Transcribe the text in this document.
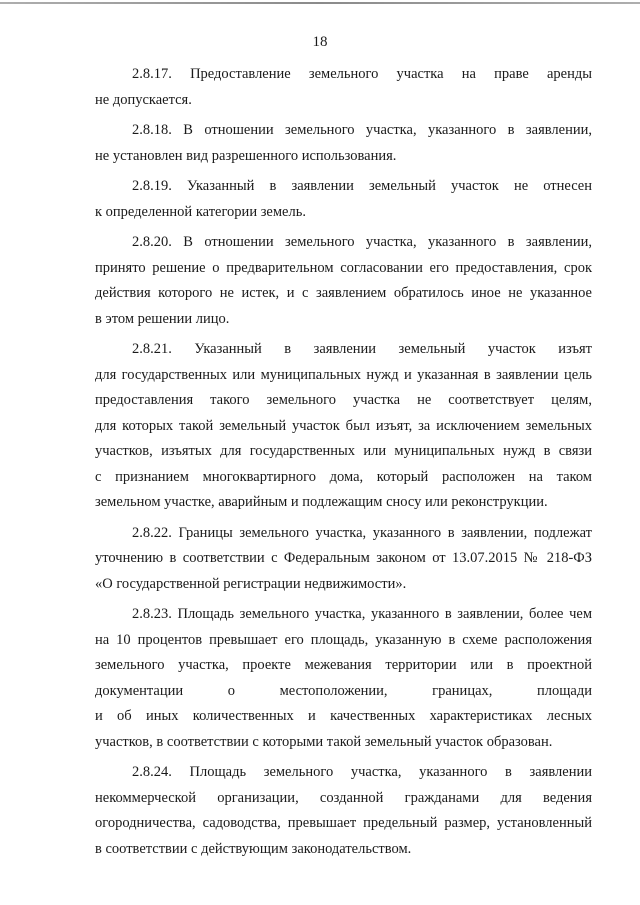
18
2.8.17. Предоставление земельного участка на праве аренды
не допускается.
2.8.18. В отношении земельного участка, указанного в заявлении,
не установлен вид разрешенного использования.
2.8.19. Указанный в заявлении земельный участок не отнесен
к определенной категории земель.
2.8.20. В отношении земельного участка, указанного в заявлении,
принято решение о предварительном согласовании его предоставления, срок
действия которого не истек, и с заявлением обратилось иное не указанное
в этом решении лицо.
2.8.21. Указанный в заявлении земельный участок изъят
для государственных или муниципальных нужд и указанная в заявлении цель
предоставления такого земельного участка не соответствует целям,
для которых такой земельный участок был изъят, за исключением земельных
участков, изъятых для государственных или муниципальных нужд в связи
с признанием многоквартирного дома, который расположен на таком
земельном участке, аварийным и подлежащим сносу или реконструкции.
2.8.22. Границы земельного участка, указанного в заявлении, подлежат
уточнению в соответствии с Федеральным законом от 13.07.2015 № 218-ФЗ
«О государственной регистрации недвижимости».
2.8.23. Площадь земельного участка, указанного в заявлении, более чем
на 10 процентов превышает его площадь, указанную в схеме расположения
земельного участка, проекте межевания территории или в проектной
документации о местоположении, границах, площади
и об иных количественных и качественных характеристиках лесных
участков, в соответствии с которыми такой земельный участок образован.
2.8.24. Площадь земельного участка, указанного в заявлении
некоммерческой организации, созданной гражданами для ведения
огородничества, садоводства, превышает предельный размер, установленный
в соответствии с действующим законодательством.
